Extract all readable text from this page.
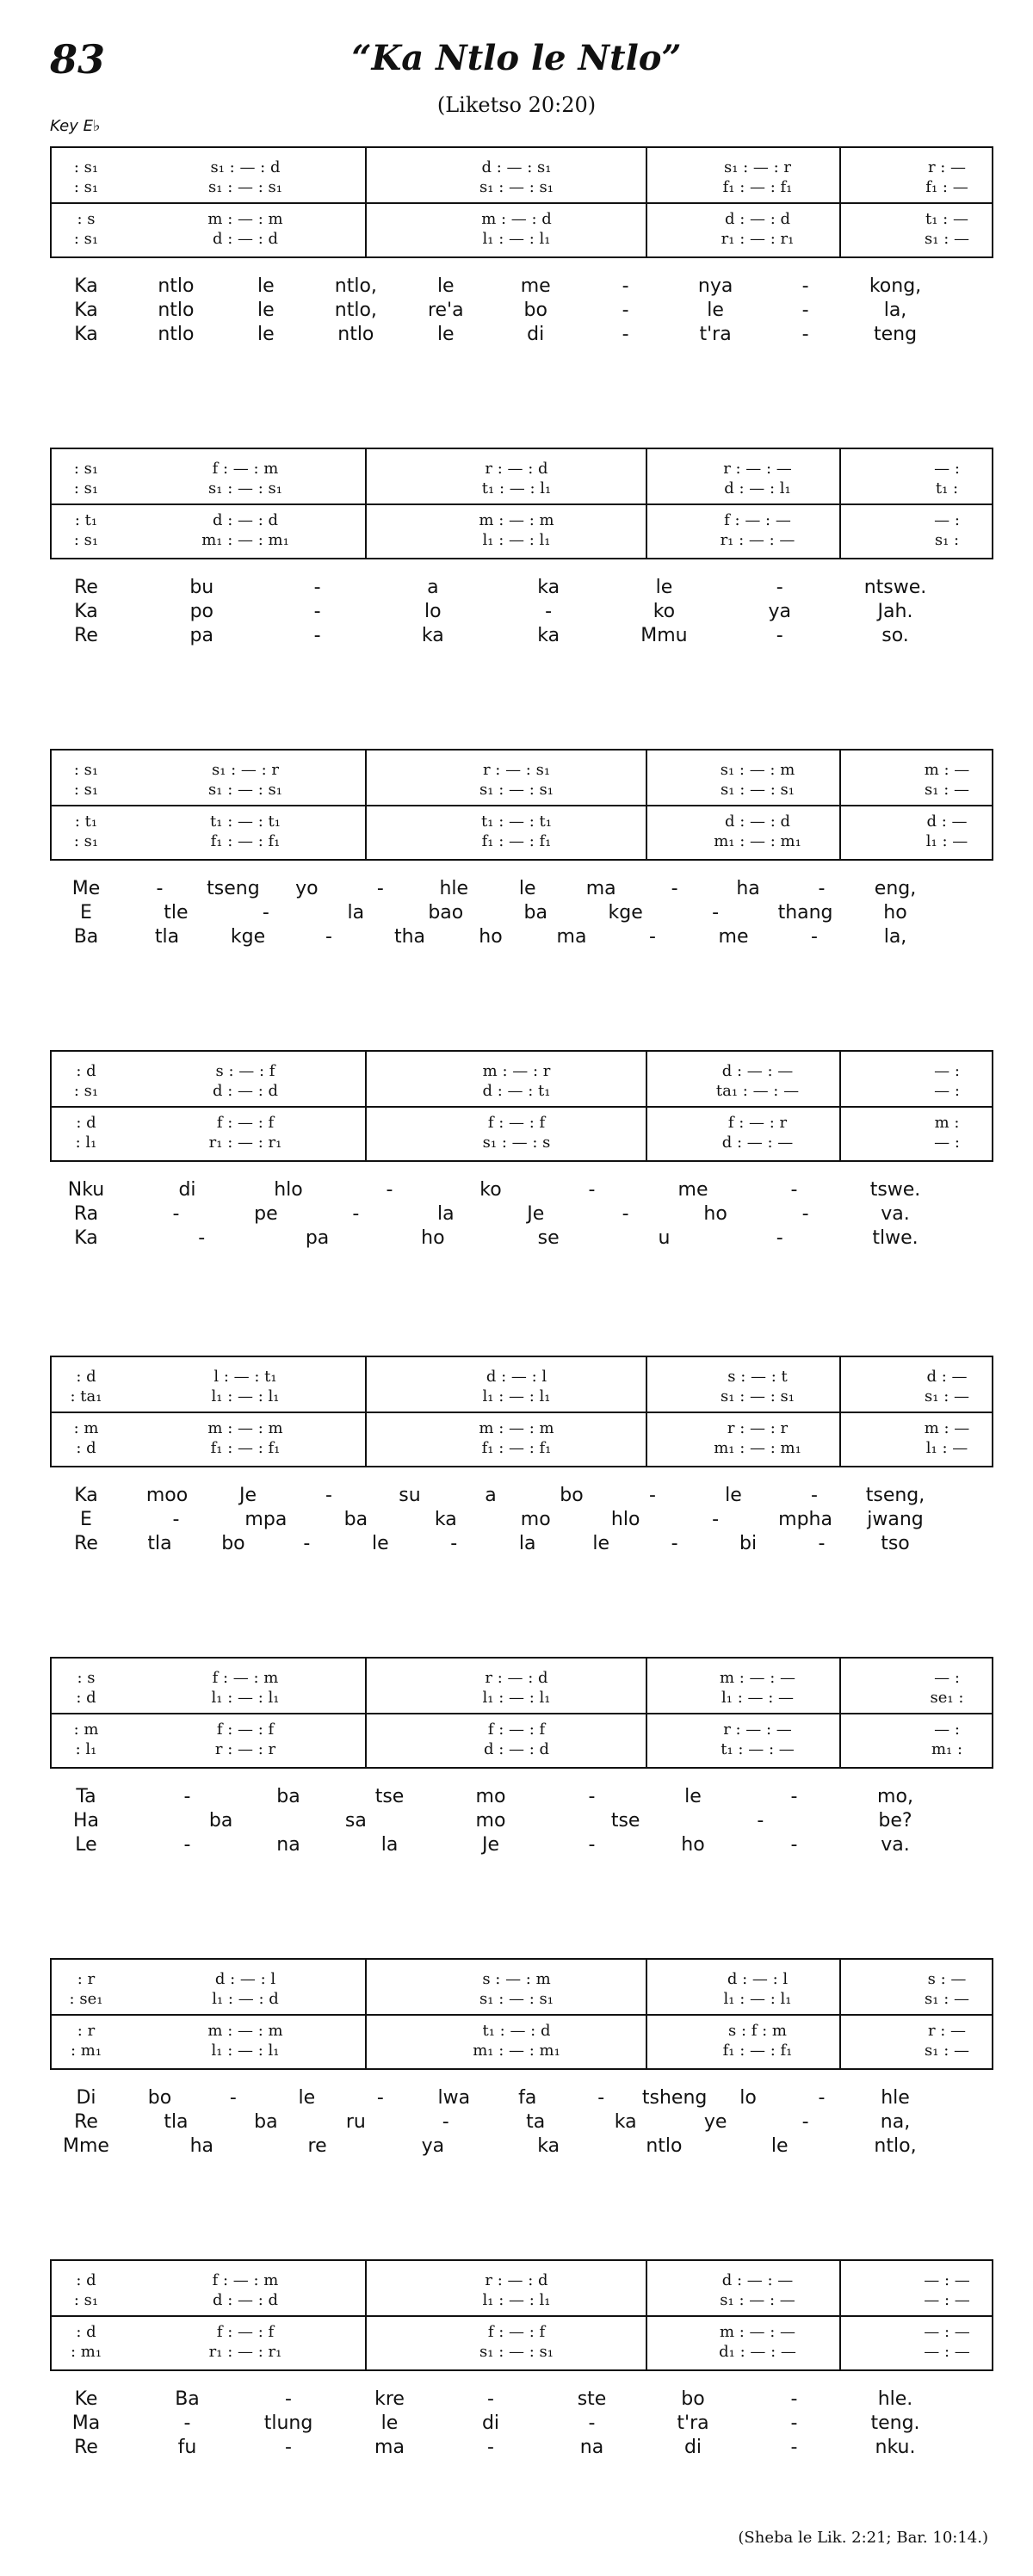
83	“Ka Ntlo le Ntlo”
(Liketso 20:20)
Key E♭
: s₁	s₁ : — : d	d : — : s₁	s₁ : — : r	r : —
: s₁	s₁ : — : s₁	s₁ : — : s₁	f₁ : — : f₁	f₁ : —
: s	m : — : m	m : — : d	d : — : d	t₁ : —
: s₁	d : — : d	l₁ : — : l₁	r₁ : — : r₁	s₁ : —
Ka	ntlo	le	ntlo,	le	me	-	nya	-	kong,
Ka	ntlo	le	ntlo,	re'a	bo	-	le	-	la,
Ka	ntlo	le	ntlo	le	di	-	t'ra	-	teng
: s₁	f : — : m	r : — : d	r : — : —	— :
: s₁	s₁ : — : s₁	t₁ : — : l₁	d : — : l₁	t₁ :
: t₁	d : — : d	m : — : m	f : — : —	— :
: s₁	m₁ : — : m₁	l₁ : — : l₁	r₁ : — : —	s₁ :
Re	bu	-	a	ka	le	-	ntswe.
Ka	po	-	lo	-	ko	ya	Jah.
Re	pa	-	ka	ka	Mmu	-	so.
: s₁	s₁ : — : r	r : — : s₁	s₁ : — : m	m : —
: s₁	s₁ : — : s₁	s₁ : — : s₁	s₁ : — : s₁	s₁ : —
: t₁	t₁ : — : t₁	t₁ : — : t₁	d : — : d	d : —
: s₁	f₁ : — : f₁	f₁ : — : f₁	m₁ : — : m₁	l₁ : —
Me	- tseng yo	-	hle	le	ma	-	ha	-	eng,
E	tle	-	la	bao	ba	kge	-	thang	ho
Ba	tla	kge	-	tha	ho	ma	-	me	-	la,
: d	s : — : f	m : — : r	d : — : —	— :
: s₁	d : — : d	d : — : t₁	ta₁ : — : —	— :
: d	f : — : f	f : — : f	f : — : r	m :
: l₁	r₁ : — : r₁	s₁ : — : s	d : — : —	— :
Nku	di	hlo	-	ko	-	me	-	tswe.
Ra	-	pe	-	la	Je	-	ho	-	va.
Ka	-	pa	ho	se	u	-	tlwe.
: d	l : — : t₁	d : — : l	s : — : t	d : —
: ta₁	l₁ : — : l₁	l₁ : — : l₁	s₁ : — : s₁	s₁ : —
: m	m : — : m	m : — : m	r : — : r	m : —
: d	f₁ : — : f₁	f₁ : — : f₁	m₁ : — : m₁	l₁ : —
Ka	moo	Je	-	su	a	bo	-	le	-	tseng,
E	-	mpa	ba	ka	mo	hlo	-	mpha jwang
Re	tla	bo	-	le	-	la	le	-	bi	-	tso
: s	f : — : m	r : — : d	m : — : —	— :
: d	l₁ : — : l₁	l₁ : — : l₁	l₁ : — : —	se₁ :
: m	f : — : f	f : — : f	r : — : —	— :
: l₁	r : — : r	d : — : d	t₁ : — : —	m₁ :
Ta	-	ba	tse	mo	-	le	-	mo,
Ha	ba	sa	mo	tse	-	be?
Le	-	na	la	Je	-	ho	-	va.
: r	d : — : l	s : — : m	d : — : l	s : —
: se₁	l₁ : — : d	s₁ : — : s₁	l₁ : — : l₁	s₁ : —
: r	m : — : m	t₁ : — : d	s : f : m	r : —
: m₁	l₁ : — : l₁	m₁ : — : m₁	f₁ : — : f₁	s₁ : —
Di	bo	-	le	-	lwa	fa	- tsheng lo	-	hle
Re	tla	ba	ru	-	ta	ka	ye	-	na,
Mme	ha	re	ya	ka	ntlo	le	ntlo,
: d	f : — : m	r : — : d	d : — : —	— : —
: s₁	d : — : d	l₁ : — : l₁	s₁ : — : —	— : —
: d	f : — : f	f : — : f	m : — : —	— : —
: m₁	r₁ : — : r₁	s₁ : — : s₁	d₁ : — : —	— : —
Ke	Ba	-	kre	-	ste	bo	-	hle.
Ma	-	tlung	le	di	-	t'ra	-	teng.
Re	fu	-	ma	-	na	di	-	nku.
(Sheba le Lik. 2:21; Bar. 10:14.)
